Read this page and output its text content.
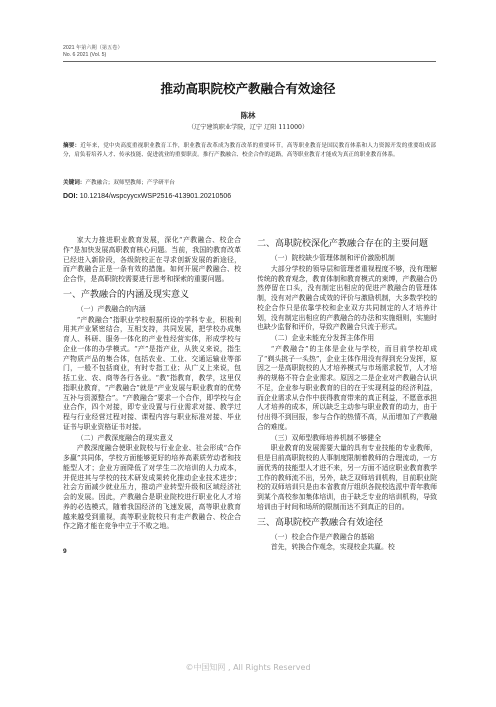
2021 年第六期（第五卷）
No. 6 2021 (Vol. 5)
推动高职院校产教融合有效途径
陈林
（辽宁建筑职业学院，辽宁 辽阳 111000）
摘要：近年来，党中央高度重视职业教育工作，职业教育改革成为教育改革的重要环节，高等职业教育是国民教育体系和人力资源开发的重要组成部分，肩负着培养人才、传承技能、促进就业的重要职责。推行产教融合、校企合作的道路，高等职业教育才能成为真正的职业教育体系。
关键词：产教融合；双师型教师；产学研平台
DOI: 10.12184/wspcyycxWSP2516-413901.20210506

家大力推进职业教育发展，深化“产教融合、校企合作”是加快发展高职教育核心问题。当前，我国的教育改革已经进入新阶段，各级院校正在寻求创新发展的新途径，而产教融合正是一条有效的措施。如何开展产教融合、校企合作，是高职院校需要进行思考和探索的重要问题。

一、产教融合的内涵及现实意义
（一）产教融合的内涵

“产教融合”指职业学校根据所设的学科专业，积极利用其产业紧密结合，互相支持，共同发展，把学校办成集育人、科研、服务一体化的产业性经营实体，形成学校与企业一体的办学模式。“产”是指产业，从狭义来说，指生产物质产品的集合体，包括农业、工业、交通运输业等部门，一般不包括商业，有时专指工业；从广义上来说，包括工业、农、商等各行各业。“教”指教育，教学，这里仅指职业教育，“产教融合”就是“产业发展与职业教育的优势互补与资源整合”。“产教融合”要求一个合作，即学校与企业合作，四个对接，即专业设置与行业需求对接、教学过程与行业经营过程对接、课程内容与职业标准对接、毕业证书与职业资格证书对接。

（二）产教深度融合的现实意义

产教深度融合使职业院校与行业企业、社会形成“合作多赢”共同体，学校方面能够更好的培养高素质劳动者和技能型人才；企业方面降低了对学生二次培训的人力成本，并促进其与学校的技术研发成果转化推动企业技术进步；社会方面减少就业压力，推动产业转型升级和区域经济社会的发展。因此，产教融合是职业院校进行职业化人才培养的必选模式，随着我国经济的飞速发展，高等职业教育越来越受到重视，高等职业院校只有走产教融合、校企合作之路才能在竞争中立于不败之地。

二、高职院校深化产教融合存在的主要问题
（一）院校缺少管理体制和评价激励机制

大部分学校的领导层和管理者重视程度不够，没有理解传统的教育观念，教育体制和教育模式的束缚，产教融合仍然停留在口头，没有制定出相应的促进产教融合的管理体制，没有对产教融合成效的评价与激励机制，大多数学校的校企合作只是依靠学校和企业双方共同制定的人才培养计划，没有制定出相应的产教融合的办法和实施细则，实施时也缺少监督和评价，导致产教融合只流于形式。

（二）企业未能充分发挥主体作用

“产教融合”的主体是企业与学校，而目前学校却成了“剃头挑子一头热”，企业主体作用没有得到充分发挥，原因之一是高职院校的人才培养模式与市场需求脱节，人才培养的规格不符合企业需求。原因之二是企业对产教融合认识不足，企业参与职业教育的目的在于实现利益的经济利益，而企业需求从合作中获得教育带来的真正利益，不愿意承担人才培养的成本，所以缺乏主动参与职业教育的动力，由于付出得不到回报，参与合作的热情不高，从而增加了产教融合的难度。

（三）双师型教师培养机制不够健全

职业教育的发展需要大量的具有专业技能的专业教师，但是目前高职院校的人事制度限制着教师的合理流动，一方面优秀的技能型人才进不来，另一方面不适应职业教育教学工作的教师流不出，另外，缺乏双师培训机构，目前职业院校的双师培训只是由本省教育厅组织各院校选派中青年教师到某个高校参加集体培训，由于缺乏专业的培训机构，导致培训由于时间和场所的限制而达不到真正的目的。

三、高职院校产教融合有效途径
（一）校企合作是产教融合的基础

首先，转换合作观念，实现校企共赢。校

9
©中国知网 , All Rights Reserved
